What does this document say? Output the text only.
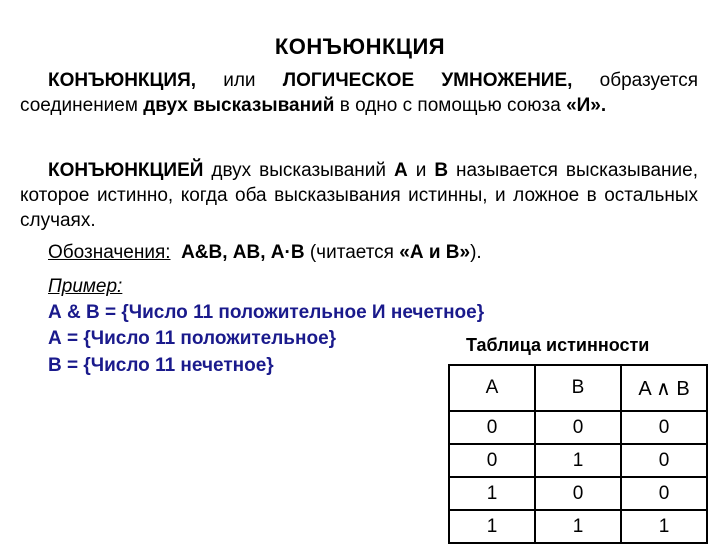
КОНЪЮНКЦИЯ
КОНЪЮНКЦИЯ, или ЛОГИЧЕСКОЕ УМНОЖЕНИЕ, образуется соединением двух высказываний в одно с помощью союза «И».
КОНЪЮНКЦИЕЙ двух высказываний А и В называется высказывание, которое истинно, когда оба высказывания истинны, и ложное в остальных случаях.
Обозначения: А&В, АВ, А·В (читается «А и В»).
Пример:
А & В = {Число 11 положительное И нечетное}
А = {Число 11 положительное}
В = {Число 11 нечетное}
Таблица истинности
A	B	A ∧ B
0	0	0
0	1	0
1	0	0
1	1	1
